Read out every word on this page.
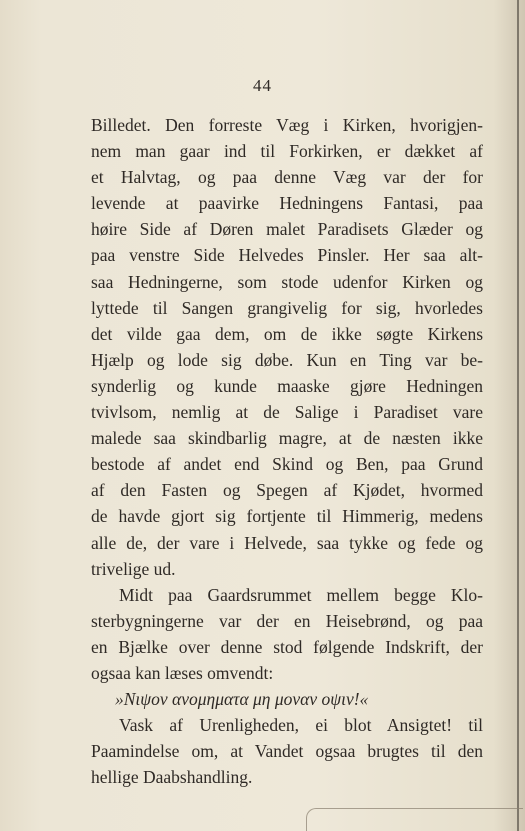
44
Billedet. Den forreste Væg i Kirken, hvorigjen-
nem man gaar ind til Forkirken, er dækket af
et Halvtag, og paa denne Væg var der for
levende at paavirke Hedningens Fantasi, paa
høire Side af Døren malet Paradisets Glæder og
paa venstre Side Helvedes Pinsler. Her saa alt-
saa Hedningerne, som stode udenfor Kirken og
lyttede til Sangen grangivelig for sig, hvorledes
det vilde gaa dem, om de ikke søgte Kirkens
Hjælp og lode sig døbe. Kun en Ting var be-
synderlig og kunde maaske gjøre Hedningen
tvivlsom, nemlig at de Salige i Paradiset vare
malede saa skindbarlig magre, at de næsten ikke
bestode af andet end Skind og Ben, paa Grund
af den Fasten og Spegen af Kjødet, hvormed
de havde gjort sig fortjente til Himmerig, medens
alle de, der vare i Helvede, saa tykke og fede og
trivelige ud.
Midt paa Gaardsrummet mellem begge Klo-
sterbygningerne var der en Heisebrønd, og paa
en Bjælke over denne stod følgende Indskrift, der
ogsaa kan læses omvendt:
»Νιψον ανομηματα μη μοναν οψιν!«
Vask af Urenligheden, ei blot Ansigtet! til
Paamindelse om, at Vandet ogsaa brugtes til den
hellige Daabshandling.
